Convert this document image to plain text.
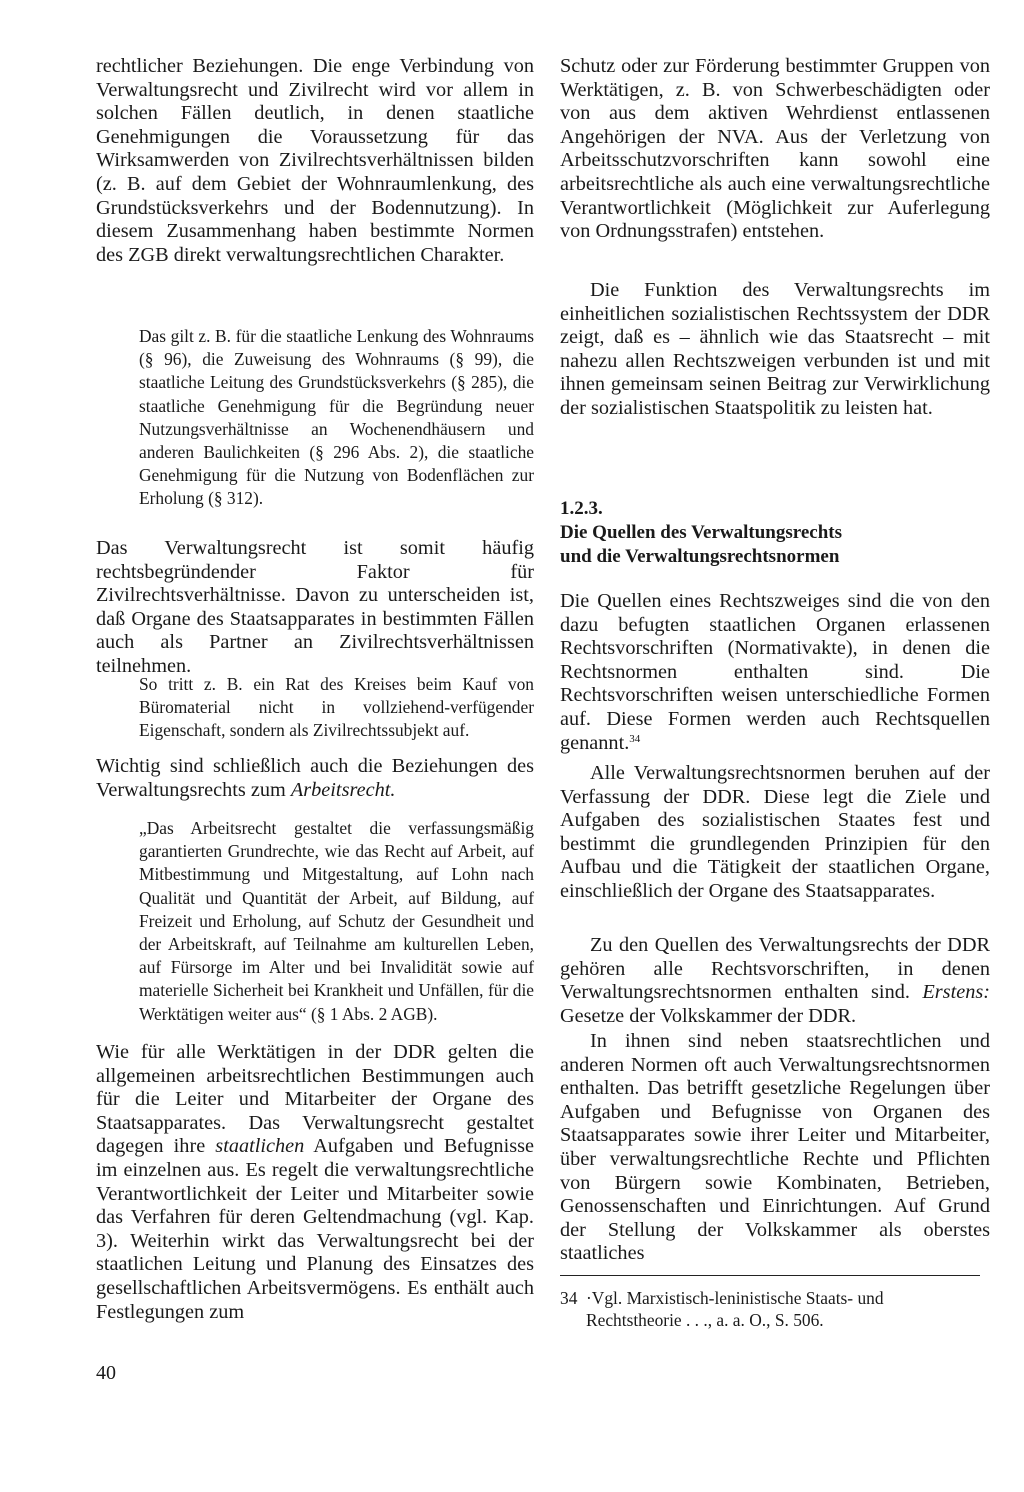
rechtlicher Beziehungen. Die enge Verbindung von Verwaltungsrecht und Zivilrecht wird vor allem in solchen Fällen deutlich, in denen staatliche Genehmigungen die Voraussetzung für das Wirksamwerden von Zivilrechtsverhältnissen bilden (z. B. auf dem Gebiet der Wohnraumlenkung, des Grundstücksverkehrs und der Bodennutzung). In diesem Zusammenhang haben bestimmte Normen des ZGB direkt verwaltungsrechtlichen Charakter.

Das gilt z. B. für die staatliche Lenkung des Wohnraums (§ 96), die Zuweisung des Wohnraums (§ 99), die staatliche Leitung des Grundstücksverkehrs (§ 285), die staatliche Genehmigung für die Begründung neuer Nutzungsverhältnisse an Wochenendhäusern und anderen Baulichkeiten (§ 296 Abs. 2), die staatliche Genehmigung für die Nutzung von Bodenflächen zur Erholung (§ 312).

Das Verwaltungsrecht ist somit häufig rechtsbegründender Faktor für Zivilrechtsverhältnisse. Davon zu unterscheiden ist, daß Organe des Staatsapparates in bestimmten Fällen auch als Partner an Zivilrechtsverhältnissen teilnehmen.

So tritt z. B. ein Rat des Kreises beim Kauf von Büromaterial nicht in vollziehend-verfügender Eigenschaft, sondern als Zivilrechtssubjekt auf.

Wichtig sind schließlich auch die Beziehungen des Verwaltungsrechts zum Arbeitsrecht.

„Das Arbeitsrecht gestaltet die verfassungsmäßig garantierten Grundrechte, wie das Recht auf Arbeit, auf Mitbestimmung und Mitgestaltung, auf Lohn nach Qualität und Quantität der Arbeit, auf Bildung, auf Freizeit und Erholung, auf Schutz der Gesundheit und der Arbeitskraft, auf Teilnahme am kulturellen Leben, auf Fürsorge im Alter und bei Invalidität sowie auf materielle Sicherheit bei Krankheit und Unfällen, für die Werktätigen weiter aus“ (§ 1 Abs. 2 AGB).

Wie für alle Werktätigen in der DDR gelten die allgemeinen arbeitsrechtlichen Bestimmungen auch für die Leiter und Mitarbeiter der Organe des Staatsapparates. Das Verwaltungsrecht gestaltet dagegen ihre staatlichen Aufgaben und Befugnisse im einzelnen aus. Es regelt die verwaltungsrechtliche Verantwortlichkeit der Leiter und Mitarbeiter sowie das Verfahren für deren Geltendmachung (vgl. Kap. 3). Weiterhin wirkt das Verwaltungsrecht bei der staatlichen Leitung und Planung des Einsatzes des gesellschaftlichen Arbeitsvermögens. Es enthält auch Festlegungen zum

Schutz oder zur Förderung bestimmter Gruppen von Werktätigen, z. B. von Schwerbeschädigten oder von aus dem aktiven Wehrdienst entlassenen Angehörigen der NVA. Aus der Verletzung von Arbeitsschutzvorschriften kann sowohl eine arbeitsrechtliche als auch eine verwaltungsrechtliche Verantwortlichkeit (Möglichkeit zur Auferlegung von Ordnungsstrafen) entstehen.

Die Funktion des Verwaltungsrechts im einheitlichen sozialistischen Rechtssystem der DDR zeigt, daß es – ähnlich wie das Staatsrecht – mit nahezu allen Rechtszweigen verbunden ist und mit ihnen gemeinsam seinen Beitrag zur Verwirklichung der sozialistischen Staatspolitik zu leisten hat.

1.2.3.

Die Quellen des Verwaltungsrechts

und die Verwaltungsrechtsnormen

Die Quellen eines Rechtszweiges sind die von den dazu befugten staatlichen Organen erlassenen Rechtsvorschriften (Normativakte), in denen die Rechtsnormen enthalten sind. Die Rechtsvorschriften weisen unterschiedliche Formen auf. Diese Formen werden auch Rechtsquellen genannt.$^{34}$

Alle Verwaltungsrechtsnormen beruhen auf der Verfassung der DDR. Diese legt die Ziele und Aufgaben des sozialistischen Staates fest und bestimmt die grundlegenden Prinzipien für den Aufbau und die Tätigkeit der staatlichen Organe, einschließlich der Organe des Staatsapparates.

Zu den Quellen des Verwaltungsrechts der DDR gehören alle Rechtsvorschriften, in denen Verwaltungsrechtsnormen enthalten sind. Erstens: Gesetze der Volkskammer der DDR.

In ihnen sind neben staatsrechtlichen und anderen Normen oft auch Verwaltungsrechtsnormen enthalten. Das betrifft gesetzliche Regelungen über Aufgaben und Befugnisse von Organen des Staatsapparates sowie ihrer Leiter und Mitarbeiter, über verwaltungsrechtliche Rechte und Pflichten von Bürgern sowie Kombinaten, Betrieben, Genossenschaften und Einrichtungen. Auf Grund der Stellung der Volkskammer als oberstes staatliches

34 ·Vgl. Marxistisch-leninistische Staats- und
Rechtstheorie . . ., a. a. O., S. 506.

40
